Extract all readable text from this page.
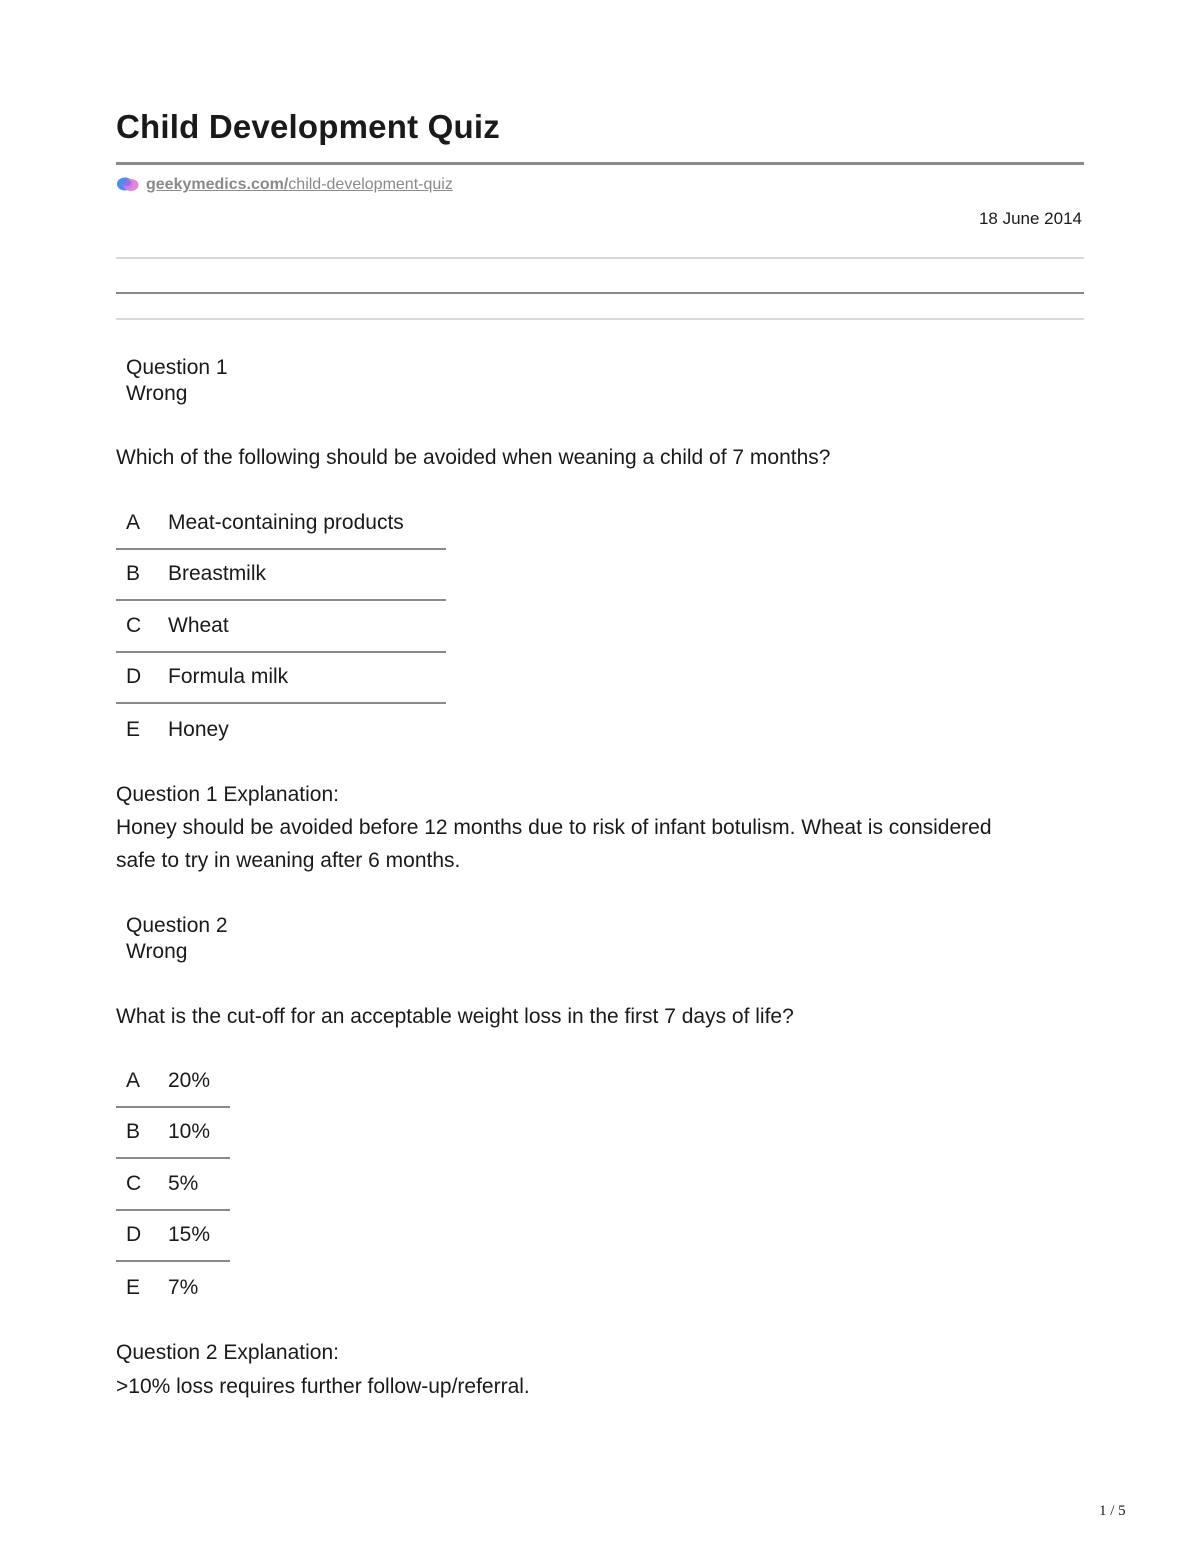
Child Development Quiz
geekymedics.com/child-development-quiz
18 June 2014
Question 1
Wrong
Which of the following should be avoided when weaning a child of 7 months?
A	Meat-containing products
B	Breastmilk
C	Wheat
D	Formula milk
E	Honey
Question 1 Explanation:
Honey should be avoided before 12 months due to risk of infant botulism. Wheat is considered safe to try in weaning after 6 months.
Question 2
Wrong
What is the cut-off for an acceptable weight loss in the first 7 days of life?
A	20%
B	10%
C	5%
D	15%
E	7%
Question 2 Explanation:
>10% loss requires further follow-up/referral.
1 / 5
